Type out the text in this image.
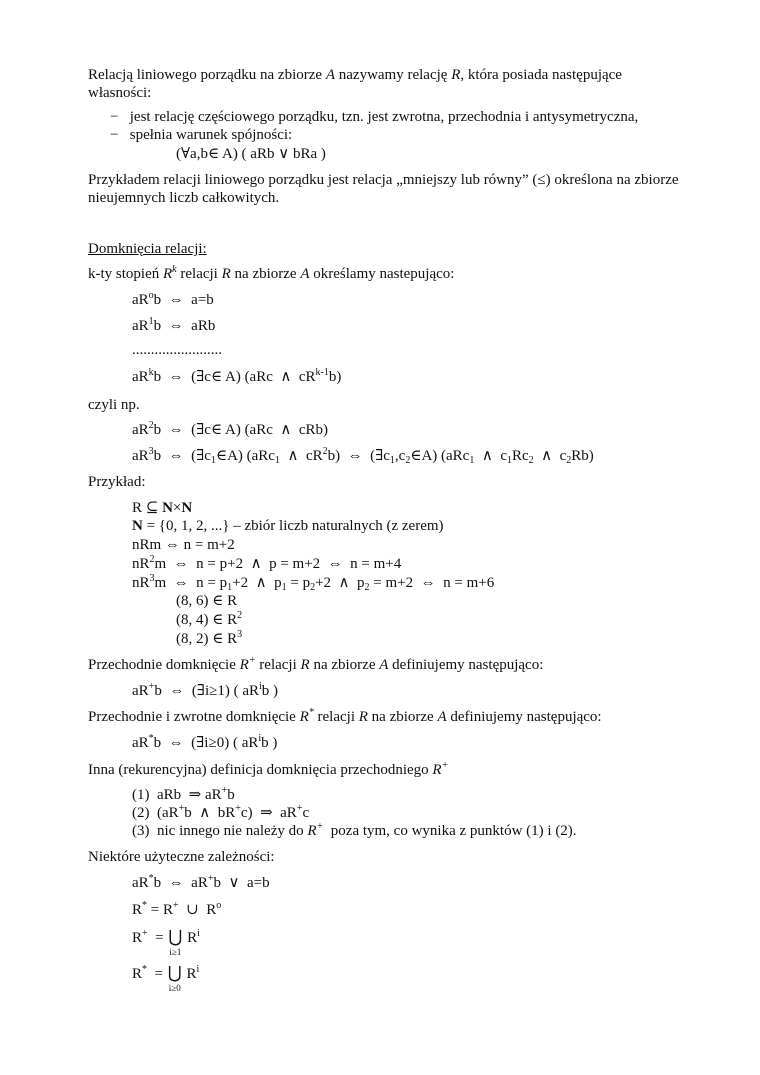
Relacją liniowego porządku na zbiorze A nazywamy relację R, która posiada następujące
własności:
− jest relację częściowego porządku, tzn. jest zwrotna, przechodnia i antysymetryczna,
− spełnia warunek spójności:
(∀a,b∈ A) ( aRb ∨ bRa )
Przykładem relacji liniowego porządku jest relacja „mniejszy lub równy” (≤) określona na zbiorze
nieujemnych liczb całkowitych.
Domknięcia relacji:
k-ty stopień $R^k$ relacji R na zbiorze A określamy nastepująco:
$aR^ob$  ⇔  a=b
$aR^1b$  ⇔  aRb
........................
$aR^kb$  ⇔  (∃c∈ A) (aRc  ∧  $cR^{k-1}b$)
czyli np.
$aR^2b$  ⇔  (∃c∈ A) (aRc  ∧  cRb)
$aR^3b$  ⇔  $(\exists c_1\in A)$ (aRc$_1$  ∧  $cR^2b$)  ⇔  $(\exists c_1,c_2\in A)$ (aRc$_1$  ∧  $c_1Rc_2$  ∧  $c_2Rb$)
Przykład:
R ⊆ N×N
N = {0, 1, 2, ...} – zbiór liczb naturalnych (z zerem)
nRm ⇔ n = m+2
$nR^2m$  ⇔  n = p+2  ∧  p = m+2  ⇔  n = m+4
$nR^3m$  ⇔  $n = p_1+2$  ∧  $p_1 = p_2+2$  ∧  $p_2 = m+2$  ⇔  n = m+6
(8, 6) ∈ R
(8, 4) ∈ $R^2$
(8, 2) ∈ $R^3$
Przechodnie domknięcie R+ relacji R na zbiorze A definiujemy następująco:
aR+b  ⇔  (∃i≥1) ( $aR^ib$ )
Przechodnie i zwrotne domknięcie R* relacji R na zbiorze A definiujemy następująco:
aR*b  ⇔  (∃i≥0) ( $aR^ib$ )
Inna (rekurencyjna) definicja domknięcia przechodniego R+
(1)  aRb  ⇒ aR+b
(2)  (aR+b  ∧  bR+c)  ⇒  aR+c
(3)  nic innego nie należy do R+  poza tym, co wynika z punktów (1) i (2).
Niektóre użyteczne zależności:
aR*b  ⇔  aR+b  ∨  a=b
R* = R+  ∪  $R^o$
R+  = ⋃
i≥1
$R^i$
R*  = ⋃
i≥0
$R^i$
